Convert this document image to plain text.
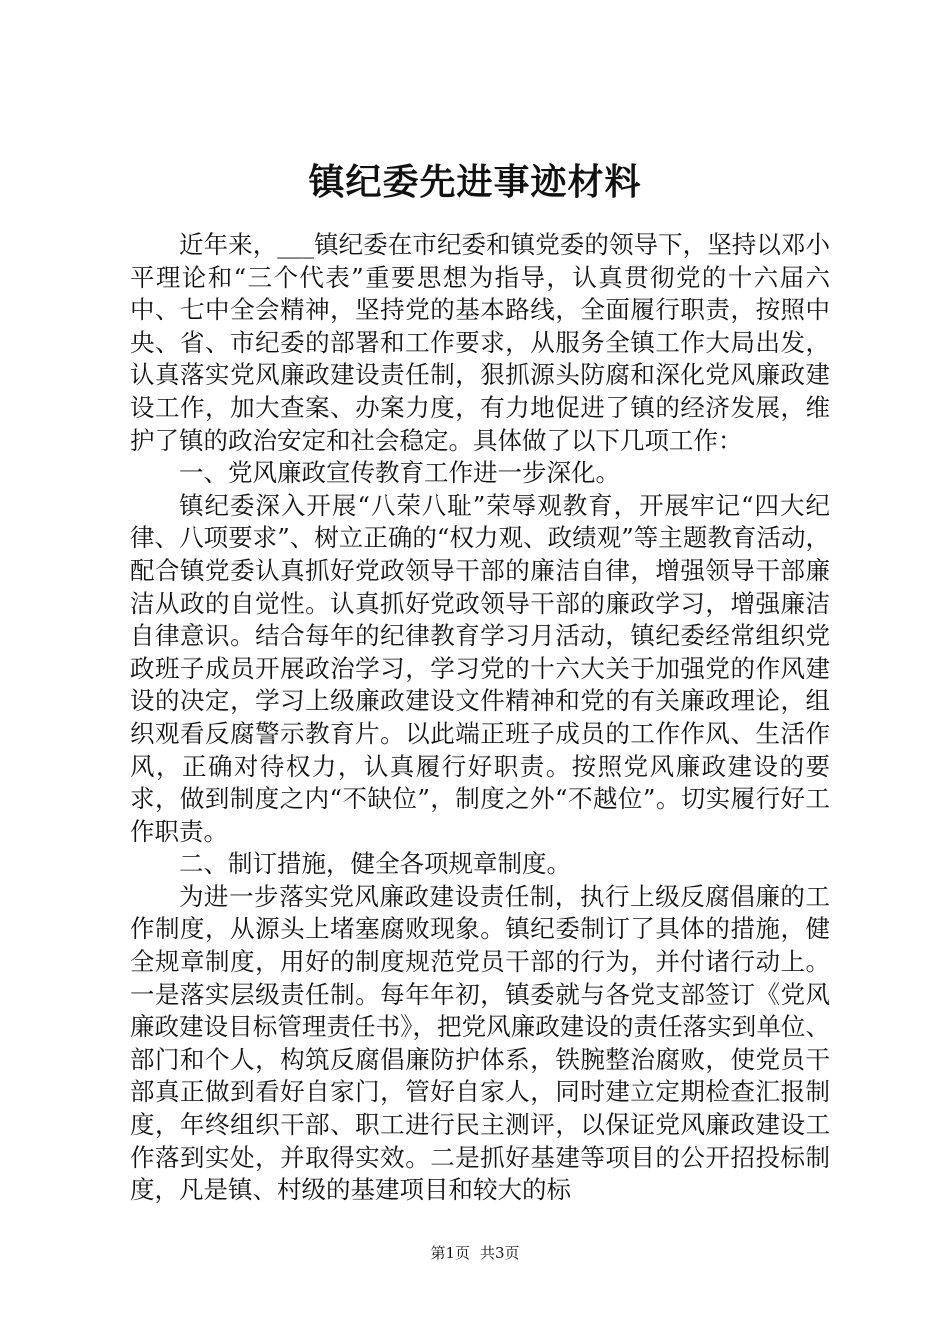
镇纪委先进事迹材料

近年来，___镇纪委在市纪委和镇党委的领导下，坚持以邓小平理论和“三个代表”重要思想为指导，认真贯彻党的十六届六中、七中全会精神，坚持党的基本路线，全面履行职责，按照中央、省、市纪委的部署和工作要求，从服务全镇工作大局出发，认真落实党风廉政建设责任制，狠抓源头防腐和深化党风廉政建设工作，加大查案、办案力度，有力地促进了镇的经济发展，维护了镇的政治安定和社会稳定。具体做了以下几项工作：

一、党风廉政宣传教育工作进一步深化。

镇纪委深入开展“八荣八耻”荣辱观教育，开展牢记“四大纪律、八项要求”、树立正确的“权力观、政绩观”等主题教育活动，配合镇党委认真抓好党政领导干部的廉洁自律，增强领导干部廉洁从政的自觉性。认真抓好党政领导干部的廉政学习，增强廉洁自律意识。结合每年的纪律教育学习月活动，镇纪委经常组织党政班子成员开展政治学习，学习党的十六大关于加强党的作风建设的决定，学习上级廉政建设文件精神和党的有关廉政理论，组织观看反腐警示教育片。以此端正班子成员的工作作风、生活作风，正确对待权力，认真履行好职责。按照党风廉政建设的要求，做到制度之内“不缺位”，制度之外“不越位”。切实履行好工作职责。

二、制订措施，健全各项规章制度。

为进一步落实党风廉政建设责任制，执行上级反腐倡廉的工作制度，从源头上堵塞腐败现象。镇纪委制订了具体的措施，健全规章制度，用好的制度规范党员干部的行为，并付诸行动上。一是落实层级责任制。每年年初，镇委就与各党支部签订《党风廉政建设目标管理责任书》，把党风廉政建设的责任落实到单位、部门和个人，构筑反腐倡廉防护体系，铁腕整治腐败，使党员干部真正做到看好自家门，管好自家人，同时建立定期检查汇报制度，年终组织干部、职工进行民主测评，以保证党风廉政建设工作落到实处，并取得实效。二是抓好基建等项目的公开招投标制度，凡是镇、村级的基建项目和较大的标

第1页 共3页
